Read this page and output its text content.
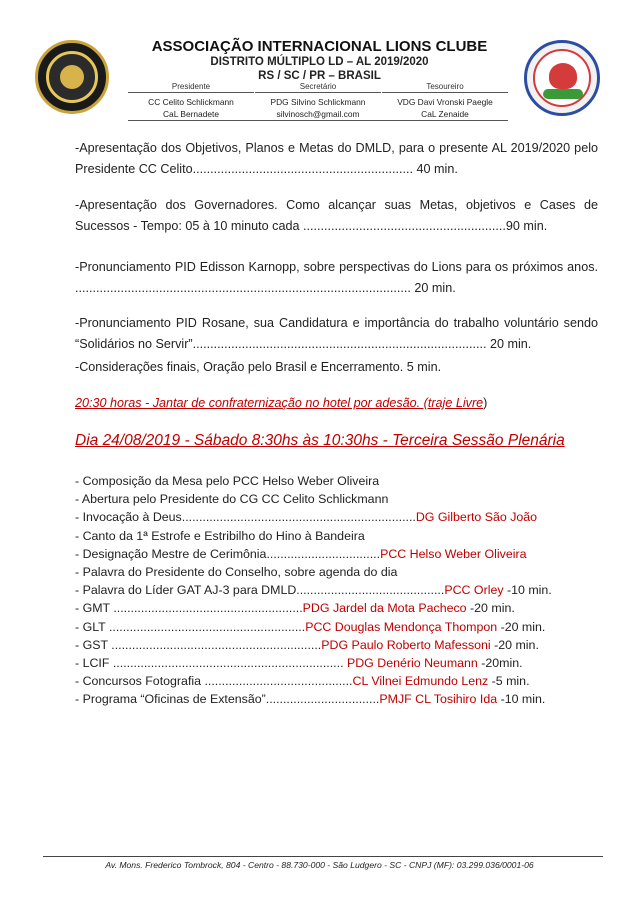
ASSOCIAÇÃO INTERNACIONAL LIONS CLUBE
DISTRITO MÚLTIPLO LD – AL 2019/2020
RS / SC / PR – BRASIL
Presidente
CC Celito Schlickmann
CaL Bernadete
Secretário
PDG Silvino Schlickmann
silvinosch@gmail.com
Tesoureiro
VDG Davi Vronski Paegle
CaL Zenaide
-Apresentação dos Objetivos, Planos e Metas do DMLD, para o presente AL 2019/2020 pelo Presidente CC Celito............................................................... 40 min.
-Apresentação dos Governadores. Como alcançar suas Metas, objetivos e Cases de Sucessos - Tempo: 05 à 10 minuto cada ..........................................................90 min.
-Pronunciamento PID Edisson Karnopp, sobre perspectivas do Lions para os próximos anos. ................................................................................................ 20 min.
-Pronunciamento PID Rosane, sua Candidatura e importância do trabalho voluntário sendo “Solidários no Servir”.................................................................................... 20 min.
-Considerações finais, Oração pelo Brasil e Encerramento. 5 min.
20:30 horas - Jantar de confraternização no hotel por adesão. (traje Livre)
Dia 24/08/2019 - Sábado 8:30hs às 10:30hs - Terceira Sessão Plenária
- Composição da Mesa pelo PCC Helso Weber Oliveira
- Abertura pelo Presidente do CG CC Celito Schlickmann
- Invocação à Deus....................................................................DG Gilberto São João
- Canto da 1ª Estrofe e Estribilho do Hino à Bandeira
- Designação Mestre de Cerimônia.................................PCC Helso Weber Oliveira
- Palavra do Presidente do Conselho, sobre agenda do dia
- Palavra do Líder GAT AJ-3 para DMLD...........................................PCC Orley -10 min.
- GMT .......................................................PDG Jardel da Mota Pacheco -20 min.
- GLT .........................................................PCC Douglas Mendonça Thompon -20 min.
- GST .............................................................PDG Paulo Roberto Mafessoni -20 min.
- LCIF ................................................................... PDG Denério Neumann -20min.
- Concursos Fotografia ...........................................CL Vilnei Edmundo Lenz -5 min.
- Programa “Oficinas de Extensão”.................................PMJF CL Tosihiro Ida -10 min.
Av. Mons. Frederico Tombrock, 804 - Centro - 88.730-000 - São Ludgero - SC - CNPJ (MF): 03.299.036/0001-06
